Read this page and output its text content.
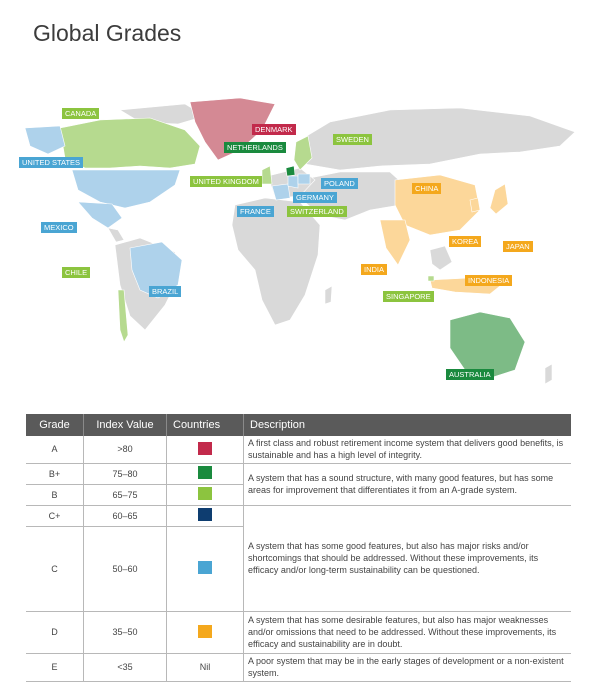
Global Grades
CANADA
UNITED STATES
MEXICO
CHILE
BRAZIL
DENMARK
NETHERLANDS
SWEDEN
UNITED KINGDOM	POLAND
GERMANY
FRANCE	SWITZERLAND
CHINA
KOREA
JAPAN
INDIA
INDONESIA
SINGAPORE
AUSTRALIA
Grade	Index Value	Countries	Description
A	>80		A first class and robust retirement income system that delivers good benefits, is sustainable and has a high level of integrity.
B+	75–80		A system that has a sound structure, with many good features, but has some areas for improvement that differentiates it from an A-grade system.
B	65–75		
C+	60–65		A system that has some good features, but also has major risks and/or shortcomings that should be addressed. Without these improvements, its efficacy and/or long-term sustainability can be questioned.
C	50–60		
D	35–50		A system that has some desirable features, but also has major weaknesses and/or omissions that need to be addressed. Without these improvements, its efficacy and sustainability are in doubt.
E	<35	Nil	A poor system that may be in the early stages of development or a non-existent system.
